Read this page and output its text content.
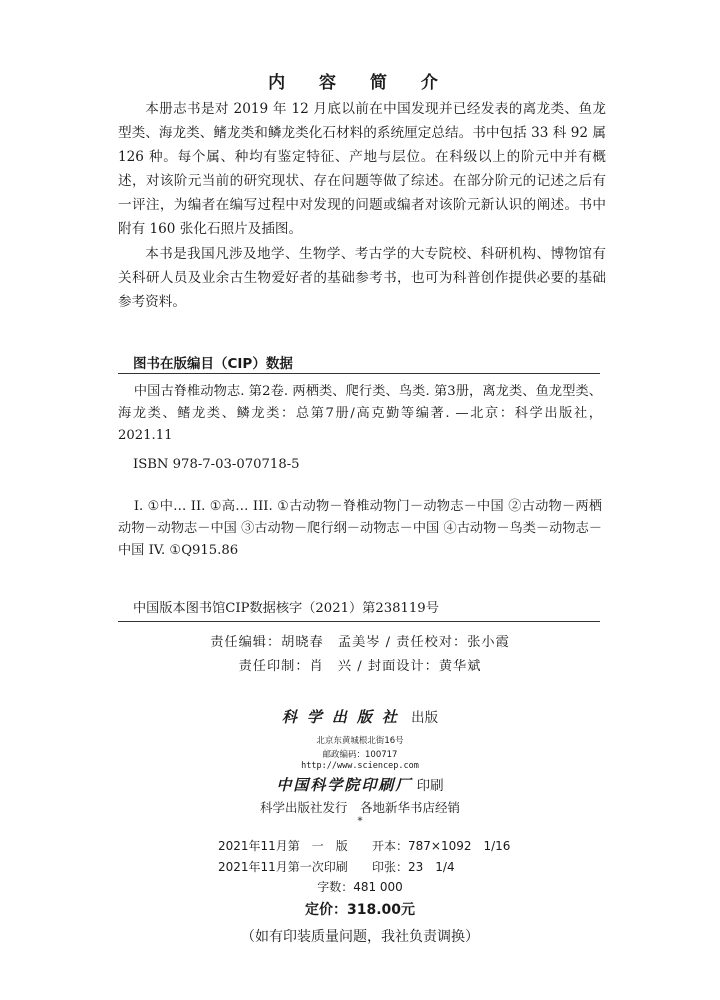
内 容 简 介

本册志书是对 2019 年 12 月底以前在中国发现并已经发表的离龙类、鱼龙型类、海龙类、鳍龙类和鳞龙类化石材料的系统厘定总结。书中包括 33 科 92 属 126 种。每个属、种均有鉴定特征、产地与层位。在科级以上的阶元中并有概述，对该阶元当前的研究现状、存在问题等做了综述。在部分阶元的记述之后有一评注，为编者在编写过程中对发现的问题或编者对该阶元新认识的阐述。书中附有 160 张化石照片及插图。

本书是我国凡涉及地学、生物学、考古学的大专院校、科研机构、博物馆有关科研人员及业余古生物爱好者的基础参考书，也可为科普创作提供必要的基础参考资料。

图书在版编目（CIP）数据
中国古脊椎动物志. 第2卷. 两栖类、爬行类、鸟类. 第3册，离龙类、鱼龙型类、海龙类、鳍龙类、鳞龙类：总第7册/高克勤等编著. —北京：科学出版社，2021.11
ISBN 978-7-03-070718-5
I. ①中… II. ①高… III. ①古动物－脊椎动物门－动物志－中国 ②古动物－两栖动物－动物志－中国 ③古动物－爬行纲－动物志－中国 ④古动物－鸟类－动物志－中国 IV. ①Q915.86
中国版本图书馆CIP数据核字（2021）第238119号
责任编辑：胡晓春　孟美岑 / 责任校对：张小霞
责任印制：肖　兴 / 封面设计：黄华斌
科学出版社 出版
北京东黄城根北街16号
邮政编码：100717
http://www.sciencep.com
中国科学院印刷厂 印刷
科学出版社发行　各地新华书店经销
*
2021年11月第　一　版 开本：787×1092　1/16
2021年11月第一次印刷 印张：23　1/4
字数：481 000
定价：318.00元
（如有印装质量问题，我社负责调换）
